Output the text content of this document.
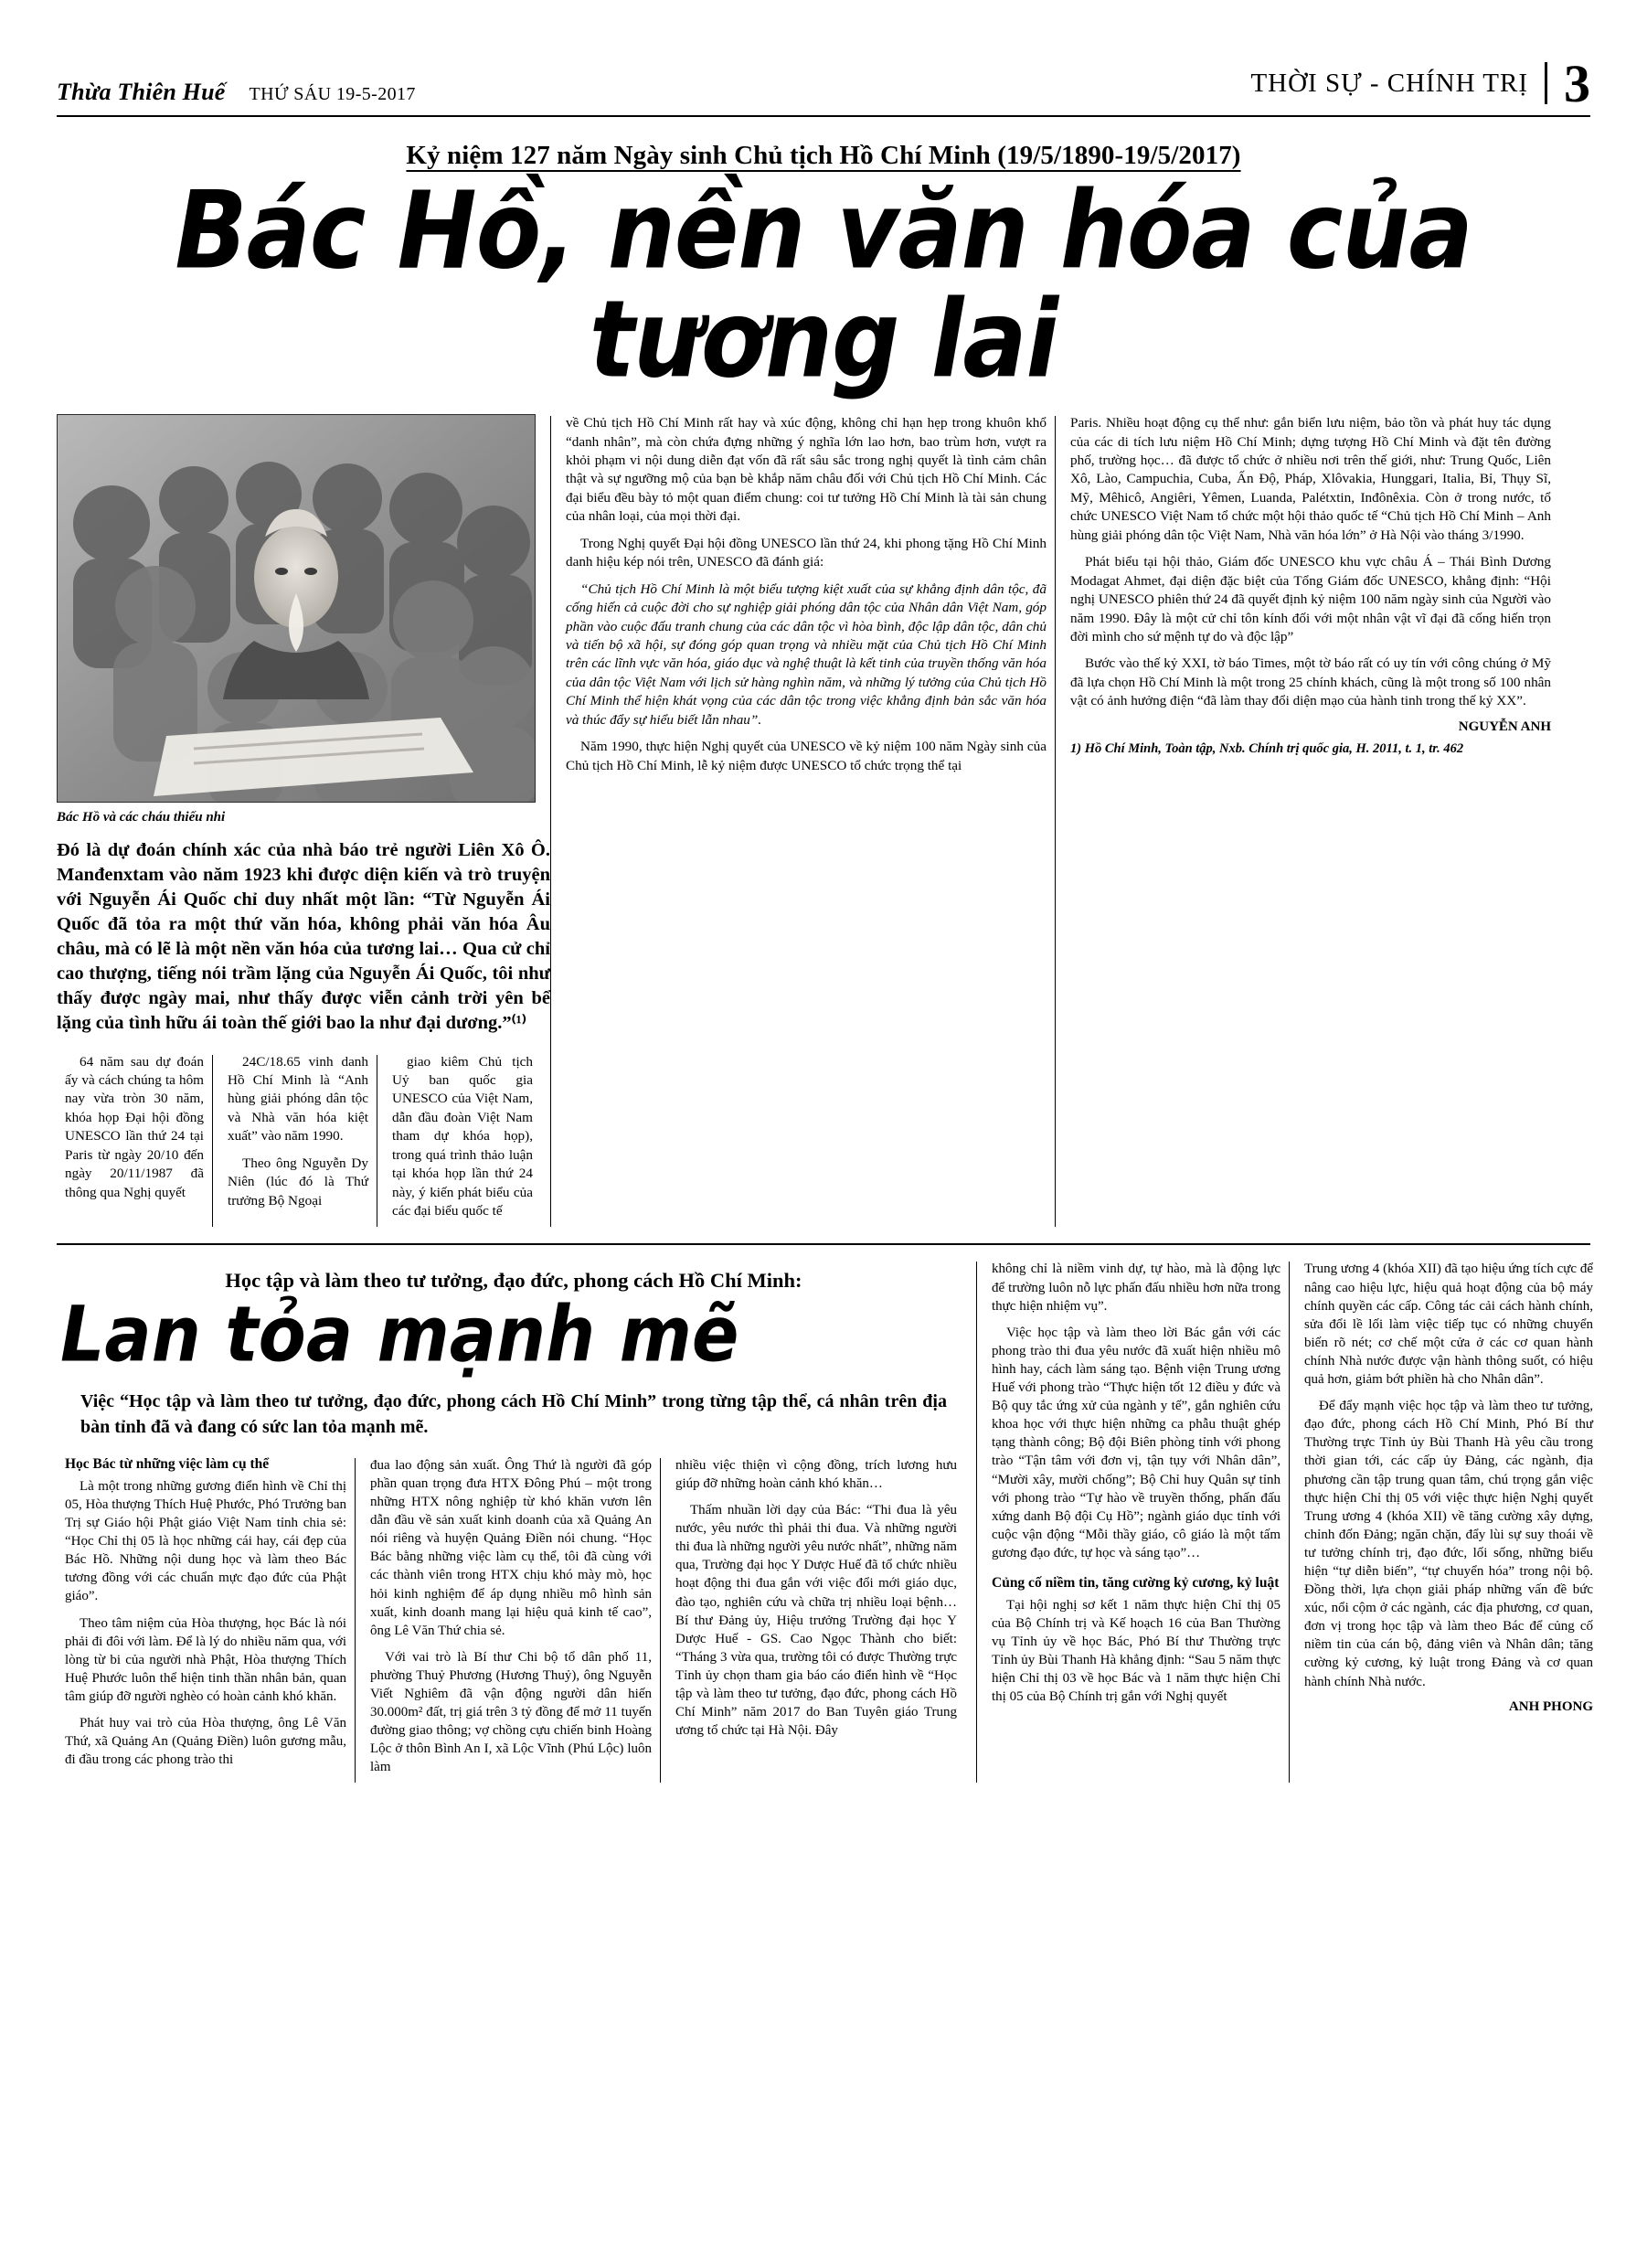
Thừa Thiên Huế THỨ SÁU 19-5-2017	THỜI SỰ - CHÍNH TRỊ 3
Kỷ niệm 127 năm Ngày sinh Chủ tịch Hồ Chí Minh (19/5/1890-19/5/2017)
Bác Hồ, nền văn hóa của tương lai
Bác Hồ và các cháu thiếu nhi
Đó là dự đoán chính xác của nhà báo trẻ người Liên Xô Ô. Manđenxtam vào năm 1923 khi được diện kiến và trò truyện với Nguyễn Ái Quốc chỉ duy nhất một lần: “Từ Nguyễn Ái Quốc đã tỏa ra một thứ văn hóa, không phải văn hóa Âu châu, mà có lẽ là một nền văn hóa của tương lai… Qua cử chỉ cao thượng, tiếng nói trầm lặng của Nguyễn Ái Quốc, tôi như thấy được ngày mai, như thấy được viễn cảnh trời yên bể lặng của tình hữu ái toàn thế giới bao la như đại dương.”⁽¹⁾

64 năm sau dự đoán ấy và cách chúng ta hôm nay vừa tròn 30 năm, khóa họp Đại hội đồng UNESCO lần thứ 24 tại Paris từ ngày 20/10 đến ngày 20/11/1987 đã thông qua Nghị quyết

24C/18.65 vinh danh Hồ Chí Minh là “Anh hùng giải phóng dân tộc và Nhà văn hóa kiệt xuất” vào năm 1990.

Theo ông Nguyễn Dy Niên (lúc đó là Thứ trưởng Bộ Ngoại

giao kiêm Chủ tịch Uỷ ban quốc gia UNESCO của Việt Nam, dẫn đầu đoàn Việt Nam tham dự khóa họp), trong quá trình thảo luận tại khóa họp lần thứ 24 này, ý kiến phát biểu của các đại biểu quốc tế

về Chủ tịch Hồ Chí Minh rất hay và xúc động, không chỉ hạn hẹp trong khuôn khổ “danh nhân”, mà còn chứa đựng những ý nghĩa lớn lao hơn, bao trùm hơn, vượt ra khỏi phạm vi nội dung diễn đạt vốn đã rất sâu sắc trong nghị quyết là tình cảm chân thật và sự ngưỡng mộ của bạn bè khắp năm châu đối với Chủ tịch Hồ Chí Minh. Các đại biểu đều bày tỏ một quan điểm chung: coi tư tưởng Hồ Chí Minh là tài sản chung của nhân loại, của mọi thời đại.

Trong Nghị quyết Đại hội đồng UNESCO lần thứ 24, khi phong tặng Hồ Chí Minh danh hiệu kép nói trên, UNESCO đã đánh giá:

“Chủ tịch Hồ Chí Minh là một biểu tượng kiệt xuất của sự khẳng định dân tộc, đã cống hiến cả cuộc đời cho sự nghiệp giải phóng dân tộc của Nhân dân Việt Nam, góp phần vào cuộc đấu tranh chung của các dân tộc vì hòa bình, độc lập dân tộc, dân chủ và tiến bộ xã hội, sự đóng góp quan trọng và nhiều mặt của Chủ tịch Hồ Chí Minh trên các lĩnh vực văn hóa, giáo dục và nghệ thuật là kết tinh của truyền thống văn hóa của dân tộc Việt Nam với lịch sử hàng nghìn năm, và những lý tưởng của Chủ tịch Hồ Chí Minh thể hiện khát vọng của các dân tộc trong việc khẳng định bản sắc văn hóa và thúc đẩy sự hiểu biết lẫn nhau”.

Năm 1990, thực hiện Nghị quyết của UNESCO về kỷ niệm 100 năm Ngày sinh của Chủ tịch Hồ Chí Minh, lễ kỷ niệm được UNESCO tổ chức trọng thể tại

Paris. Nhiều hoạt động cụ thể như: gắn biển lưu niệm, bảo tồn và phát huy tác dụng của các di tích lưu niệm Hồ Chí Minh; dựng tượng Hồ Chí Minh và đặt tên đường phố, trường học… đã được tổ chức ở nhiều nơi trên thế giới, như: Trung Quốc, Liên Xô, Lào, Campuchia, Cuba, Ấn Độ, Pháp, Xlôvakia, Hunggari, Italia, Bỉ, Thụy Sĩ, Mỹ, Mêhicô, Angiêri, Yêmen, Luanda, Palétxtin, Inđônêxia. Còn ở trong nước, tổ chức UNESCO Việt Nam tổ chức một hội thảo quốc tế “Chủ tịch Hồ Chí Minh – Anh hùng giải phóng dân tộc Việt Nam, Nhà văn hóa lớn” ở Hà Nội vào tháng 3/1990.

Phát biểu tại hội thảo, Giám đốc UNESCO khu vực châu Á – Thái Bình Dương Modagat Ahmet, đại diện đặc biệt của Tổng Giám đốc UNESCO, khẳng định: “Hội nghị UNESCO phiên thứ 24 đã quyết định kỷ niệm 100 năm ngày sinh của Người vào năm 1990. Đây là một cử chỉ tôn kính đối với một nhân vật vĩ đại đã cống hiến trọn đời mình cho sứ mệnh tự do và độc lập”

Bước vào thế kỷ XXI, tờ báo Times, một tờ báo rất có uy tín với công chúng ở Mỹ đã lựa chọn Hồ Chí Minh là một trong 25 chính khách, cũng là một trong số 100 nhân vật có ảnh hưởng điện “đã làm thay đổi diện mạo của hành tinh trong thế kỷ XX”.

NGUYỄN ANH
1) Hồ Chí Minh, Toàn tập, Nxb. Chính trị quốc gia, H. 2011, t. 1, tr. 462
Học tập và làm theo tư tưởng, đạo đức, phong cách Hồ Chí Minh:
Lan tỏa mạnh mẽ
Việc “Học tập và làm theo tư tưởng, đạo đức, phong cách Hồ Chí Minh” trong từng tập thể, cá nhân trên địa bàn tỉnh đã và đang có sức lan tỏa mạnh mẽ.
Học Bác từ những việc làm cụ thể

Là một trong những gương điển hình về Chỉ thị 05, Hòa thượng Thích Huệ Phước, Phó Trưởng ban Trị sự Giáo hội Phật giáo Việt Nam tỉnh chia sẻ: “Học Chỉ thị 05 là học những cái hay, cái đẹp của Bác Hồ. Những nội dung học và làm theo Bác tương đồng với các chuẩn mực đạo đức của Phật giáo”.

Theo tâm niệm của Hòa thượng, học Bác là nói phải đi đôi với làm. Để là lý do nhiều năm qua, với lòng từ bi của người nhà Phật, Hòa thượng Thích Huệ Phước luôn thể hiện tinh thần nhân bản, quan tâm giúp đỡ người nghèo có hoàn cảnh khó khăn.

Phát huy vai trò của Hòa thượng, ông Lê Văn Thứ, xã Quảng An (Quảng Điền) luôn gương mẫu, đi đầu trong các phong trào thi

đua lao động sản xuất. Ông Thứ là người đã góp phần quan trọng đưa HTX Đông Phú – một trong những HTX nông nghiệp từ khó khăn vươn lên dẫn đầu về sản xuất kinh doanh của xã Quảng An nói riêng và huyện Quảng Điền nói chung. “Học Bác bằng những việc làm cụ thể, tôi đã cùng với các thành viên trong HTX chịu khó mày mò, học hỏi kinh nghiệm để áp dụng nhiều mô hình sản xuất, kinh doanh mang lại hiệu quả kinh tế cao”, ông Lê Văn Thứ chia sẻ.

Với vai trò là Bí thư Chi bộ tổ dân phố 11, phường Thuỷ Phương (Hương Thuỷ), ông Nguyễn Viết Nghiêm đã vận động người dân hiến 30.000m² đất, trị giá trên 3 tỷ đồng để mở 11 tuyến đường giao thông; vợ chồng cựu chiến binh Hoàng Lộc ở thôn Bình An I, xã Lộc Vĩnh (Phú Lộc) luôn làm

nhiều việc thiện vì cộng đồng, trích lương hưu giúp đỡ những hoàn cảnh khó khăn…

Thấm nhuần lời dạy của Bác: “Thi đua là yêu nước, yêu nước thì phải thi đua. Và những người thi đua là những người yêu nước nhất”, những năm qua, Trường đại học Y Dược Huế đã tổ chức nhiều hoạt động thi đua gắn với việc đổi mới giáo dục, đào tạo, nghiên cứu và chữa trị nhiều loại bệnh… Bí thư Đảng ủy, Hiệu trưởng Trường đại học Y Dược Huế - GS. Cao Ngọc Thành cho biết: “Tháng 3 vừa qua, trường tôi có được Thường trực Tỉnh ủy chọn tham gia báo cáo điển hình về “Học tập và làm theo tư tưởng, đạo đức, phong cách Hồ Chí Minh” năm 2017 do Ban Tuyên giáo Trung ương tổ chức tại Hà Nội. Đây

không chỉ là niềm vinh dự, tự hào, mà là động lực để trường luôn nỗ lực phấn đấu nhiều hơn nữa trong thực hiện nhiệm vụ”.

Việc học tập và làm theo lời Bác gắn với các phong trào thi đua yêu nước đã xuất hiện nhiều mô hình hay, cách làm sáng tạo. Bệnh viện Trung ương Huế với phong trào “Thực hiện tốt 12 điều y đức và Bộ quy tắc ứng xử của ngành y tế”, gắn nghiên cứu khoa học với thực hiện những ca phẫu thuật ghép tạng thành công; Bộ đội Biên phòng tỉnh với phong trào “Tận tâm với đơn vị, tận tụy với Nhân dân”, “Mười xây, mười chống”; Bộ Chỉ huy Quân sự tỉnh với phong trào “Tự hào về truyền thống, phấn đấu xứng danh Bộ đội Cụ Hồ”; ngành giáo dục tỉnh với cuộc vận động “Mỗi thầy giáo, cô giáo là một tấm gương đạo đức, tự học và sáng tạo”…

Củng cố niềm tin, tăng cường kỷ cương, kỷ luật

Tại hội nghị sơ kết 1 năm thực hiện Chỉ thị 05 của Bộ Chính trị và Kế hoạch 16 của Ban Thường vụ Tỉnh ủy về học Bác, Phó Bí thư Thường trực Tỉnh ủy Bùi Thanh Hà khẳng định: “Sau 5 năm thực hiện Chỉ thị 03 về học Bác và 1 năm thực hiện Chỉ thị 05 của Bộ Chính trị gắn với Nghị quyết

Trung ương 4 (khóa XII) đã tạo hiệu ứng tích cực để nâng cao hiệu lực, hiệu quả hoạt động của bộ máy chính quyền các cấp. Công tác cải cách hành chính, sửa đổi lề lối làm việc tiếp tục có những chuyển biến rõ nét; cơ chế một cửa ở các cơ quan hành chính Nhà nước được vận hành thông suốt, có hiệu quả hơn, giảm bớt phiền hà cho Nhân dân”.

Để đẩy mạnh việc học tập và làm theo tư tưởng, đạo đức, phong cách Hồ Chí Minh, Phó Bí thư Thường trực Tỉnh ủy Bùi Thanh Hà yêu cầu trong thời gian tới, các cấp ủy Đảng, các ngành, địa phương cần tập trung quan tâm, chú trọng gắn việc thực hiện Chỉ thị 05 với việc thực hiện Nghị quyết Trung ương 4 (khóa XII) về tăng cường xây dựng, chỉnh đốn Đảng; ngăn chặn, đẩy lùi sự suy thoái về tư tưởng chính trị, đạo đức, lối sống, những biểu hiện “tự diễn biến”, “tự chuyển hóa” trong nội bộ. Đồng thời, lựa chọn giải pháp những vấn đề bức xúc, nổi cộm ở các ngành, các địa phương, cơ quan, đơn vị trong học tập và làm theo Bác để củng cố niềm tin của cán bộ, đảng viên và Nhân dân; tăng cường kỷ cương, kỷ luật trong Đảng và cơ quan hành chính Nhà nước.

ANH PHONG
